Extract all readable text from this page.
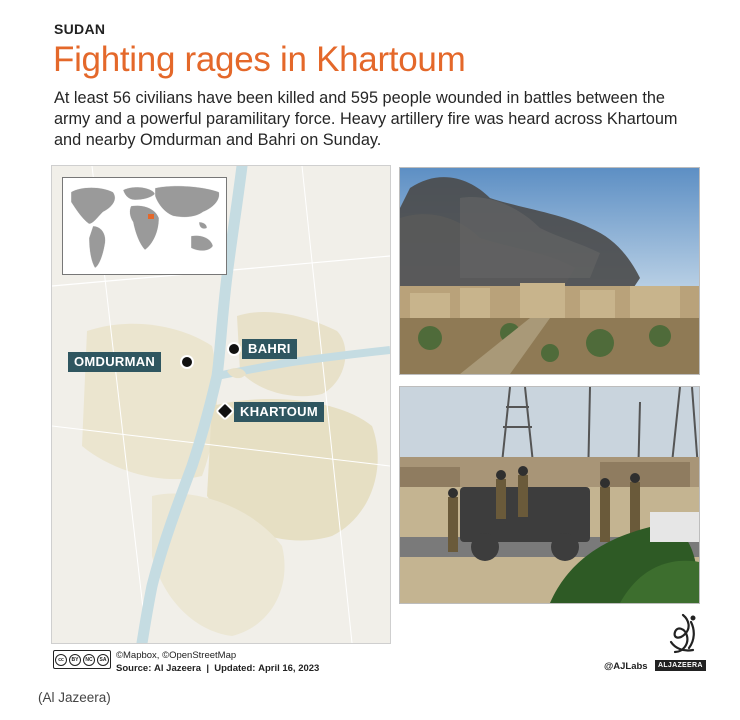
SUDAN
Fighting rages in Khartoum
At least 56 civilians have been killed and 595 people wounded in battles between the army and a powerful paramilitary force. Heavy artillery fire was heard across Khartoum and nearby Omdurman and Bahri on Sunday.
OMDURMAN
BAHRI
KHARTOUM
cc	BY	NC	SA ©Mapbox, ©OpenStreetMap
Source: Al Jazeera | Updated: April 16, 2023	@AJLabs	ALJAZEERA
(Al Jazeera)
